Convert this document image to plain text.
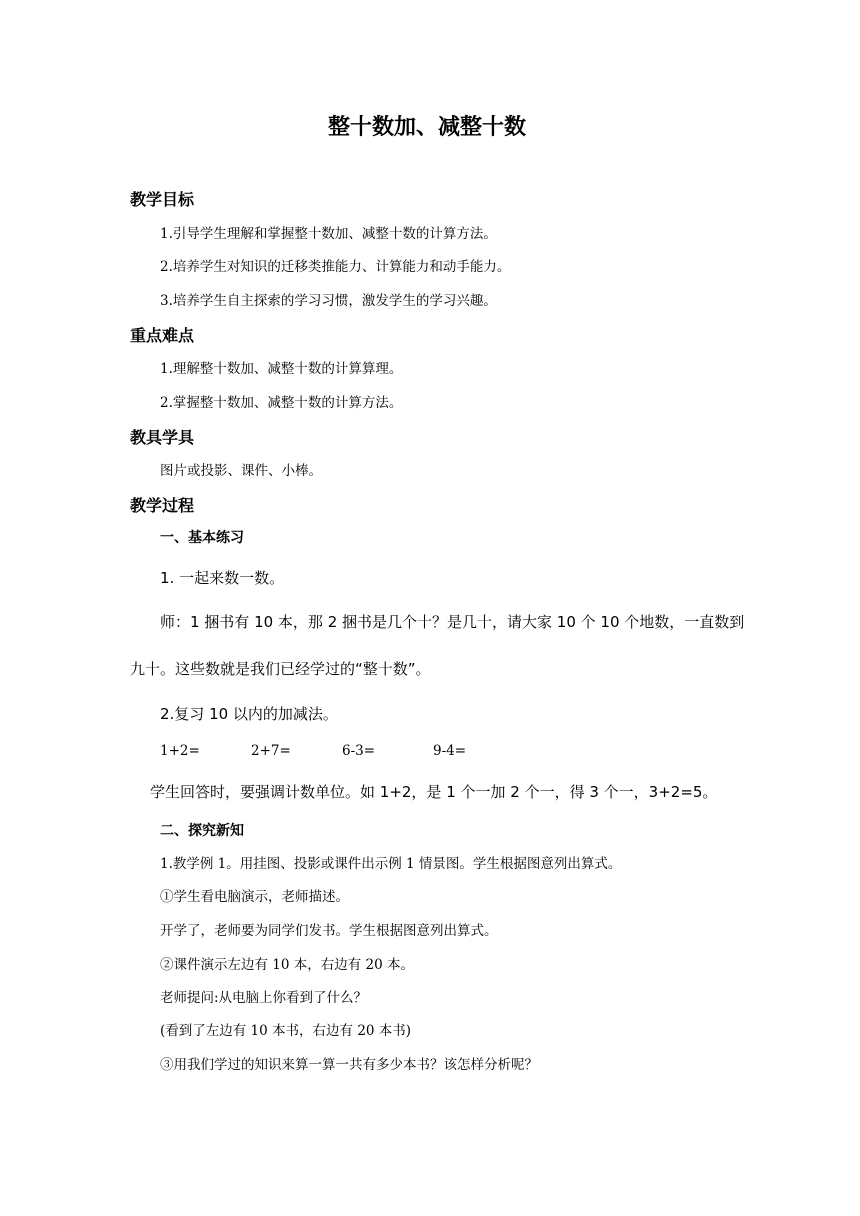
整十数加、减整十数
教学目标
1.引导学生理解和掌握整十数加、减整十数的计算方法。
2.培养学生对知识的迁移类推能力、计算能力和动手能力。
3.培养学生自主探索的学习习惯，激发学生的学习兴趣。
重点难点
1.理解整十数加、减整十数的计算算理。
2.掌握整十数加、减整十数的计算方法。
教具学具
图片或投影、课件、小棒。
教学过程
一、基本练习
1. 一起来数一数。
师：1 捆书有 10 本，那 2 捆书是几个十？是几十，请大家 10 个 10 个地数，一直数到
九十。这些数就是我们已经学过的“整十数”。
2.复习 10 以内的加减法。
1+2=	2+7=	6-3=	9-4=
学生回答时，要强调计数单位。如 1+2，是 1 个一加 2 个一，得 3 个一，3+2=5。
二、探究新知
1.教学例 1。用挂图、投影或课件出示例 1 情景图。学生根据图意列出算式。
①学生看电脑演示，老师描述。
开学了，老师要为同学们发书。学生根据图意列出算式。
②课件演示左边有 10 本，右边有 20 本。
老师提问:从电脑上你看到了什么？
(看到了左边有 10 本书，右边有 20 本书)
③用我们学过的知识来算一算一共有多少本书？该怎样分析呢？
